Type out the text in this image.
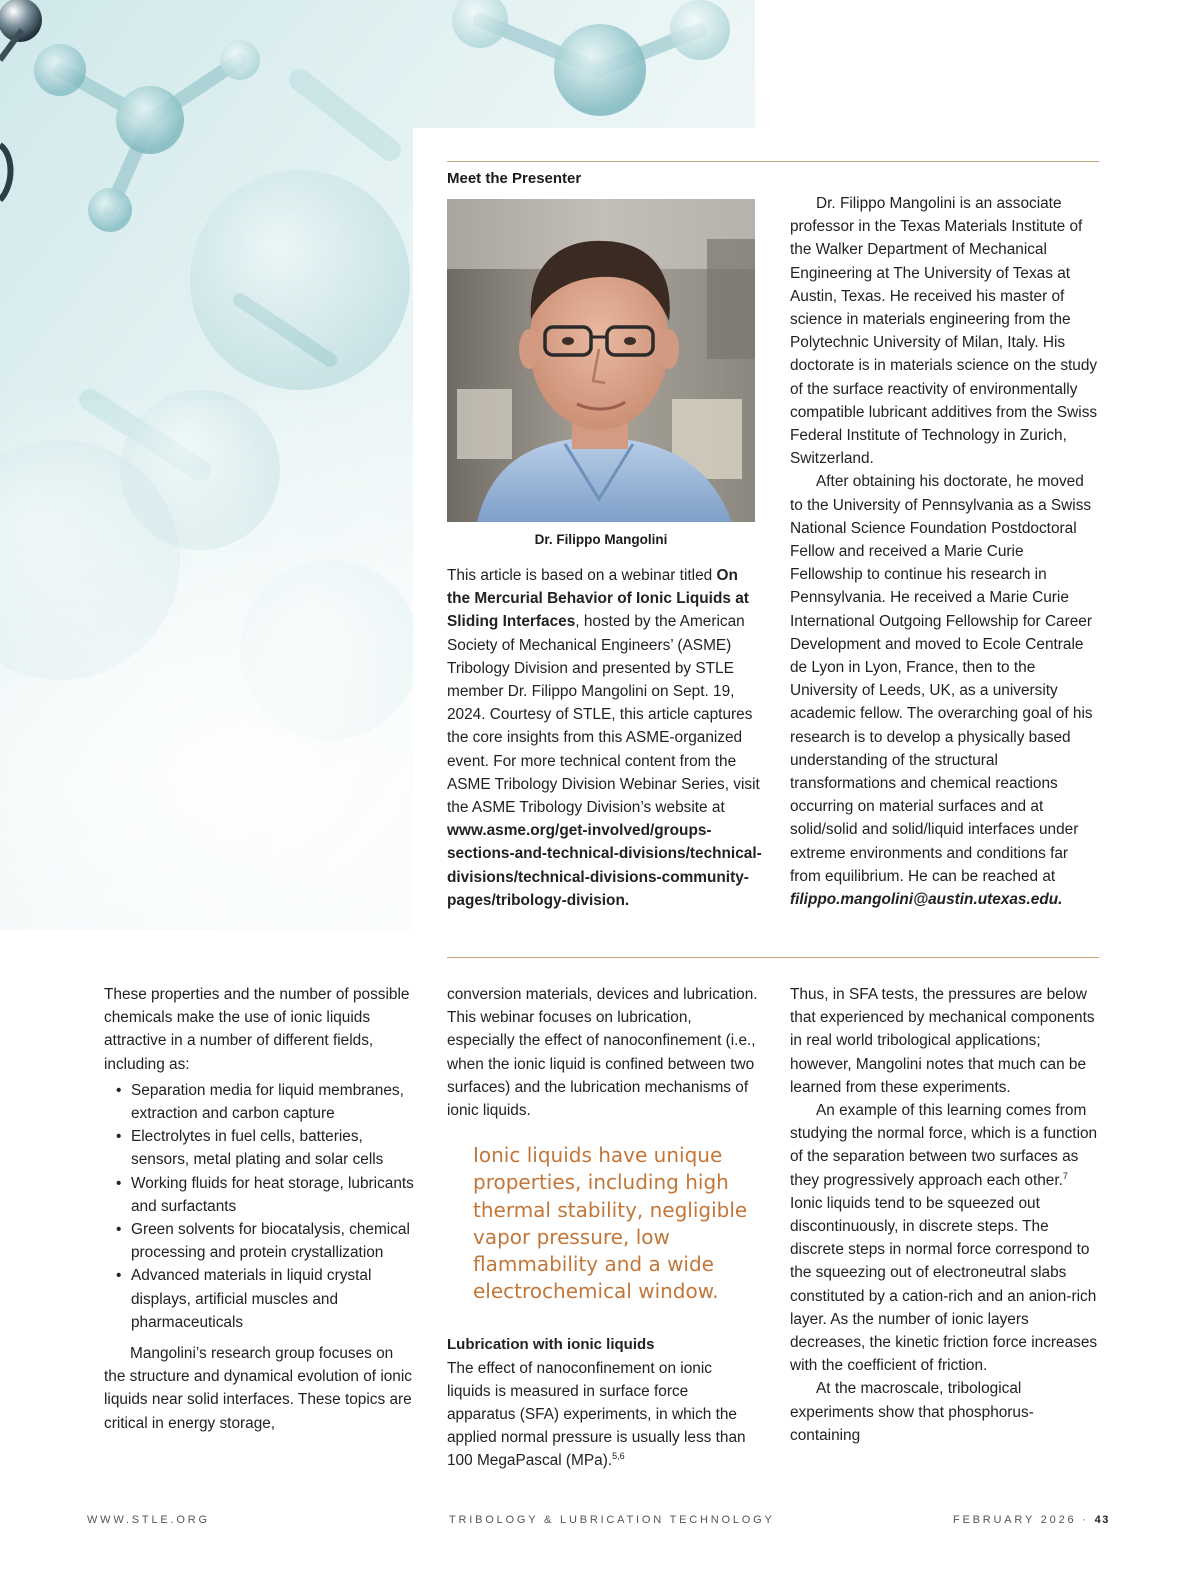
Meet the Presenter
Dr. Filippo Mangolini
This article is based on a webinar titled On the Mercurial Behavior of Ionic Liquids at Sliding Interfaces, hosted by the American Society of Mechanical Engineers’ (ASME) Tribology Division and presented by STLE member Dr. Filippo Mangolini on Sept. 19, 2024. Courtesy of STLE, this article captures the core insights from this ASME-organized event. For more technical content from the ASME Tribology Division Webinar Series, visit the ASME Tribology Division’s website at
www.asme.org/get-involved/groups-sections-and-technical-divisions/technical-divisions/technical-divisions-community-pages/tribology-division.
Dr. Filippo Mangolini is an associate professor in the Texas Materials Institute of the Walker Department of Mechanical Engineering at The University of Texas at Austin, Texas. He received his master of science in materials engineering from the Polytechnic University of Milan, Italy. His doctorate is in materials science on the study of the surface reactivity of environmentally compatible lubricant additives from the Swiss Federal Institute of Technology in Zurich, Switzerland.
After obtaining his doctorate, he moved to the University of Pennsylvania as a Swiss National Science Foundation Postdoctoral Fellow and received a Marie Curie Fellowship to continue his research in Pennsylvania. He received a Marie Curie International Outgoing Fellowship for Career Development and moved to Ecole Centrale de Lyon in Lyon, France, then to the University of Leeds, UK, as a university academic fellow. The overarching goal of his research is to develop a physically based understanding of the structural transformations and chemical reactions occurring on material surfaces and at solid/solid and solid/liquid interfaces under extreme environments and conditions far from equilibrium. He can be reached at filippo.mangolini@austin.utexas.edu.

These properties and the number of possible chemicals make the use of ionic liquids attractive in a number of different fields, including as:

• Separation media for liquid membranes, extraction and carbon capture
• Electrolytes in fuel cells, batteries, sensors, metal plating and solar cells
• Working fluids for heat storage, lubricants and surfactants
• Green solvents for biocatalysis, chemical processing and protein crystallization
• Advanced materials in liquid crystal displays, artificial muscles and pharmaceuticals

Mangolini’s research group focuses on the structure and dynamical evolution of ionic liquids near solid interfaces. These topics are critical in energy storage,

conversion materials, devices and lubrication. This webinar focuses on lubrication, especially the effect of nanoconfinement (i.e., when the ionic liquid is confined between two surfaces) and the lubrication mechanisms of ionic liquids.

Ionic liquids have unique properties, including high thermal stability, negligible vapor pressure, low flammability and a wide electrochemical window.

Lubrication with ionic liquids

The effect of nanoconfinement on ionic liquids is measured in surface force apparatus (SFA) experiments, in which the applied normal pressure is usually less than 100 MegaPascal (MPa).$^{5,6}$

Thus, in SFA tests, the pressures are below that experienced by mechanical components in real world tribological applications; however, Mangolini notes that much can be learned from these experiments.

An example of this learning comes from studying the normal force, which is a function of the separation between two surfaces as they progressively approach each other.$^7$ Ionic liquids tend to be squeezed out discontinuously, in discrete steps. The discrete steps in normal force correspond to the squeezing out of electroneutral slabs constituted by a cation-rich and an anion-rich layer. As the number of ionic layers decreases, the kinetic friction force increases with the coefficient of friction.

At the macroscale, tribological experiments show that phosphorus-containing

WWW.STLE.ORG	TRIBOLOGY & LUBRICATION TECHNOLOGY	FEBRUARY 2026 · 43
